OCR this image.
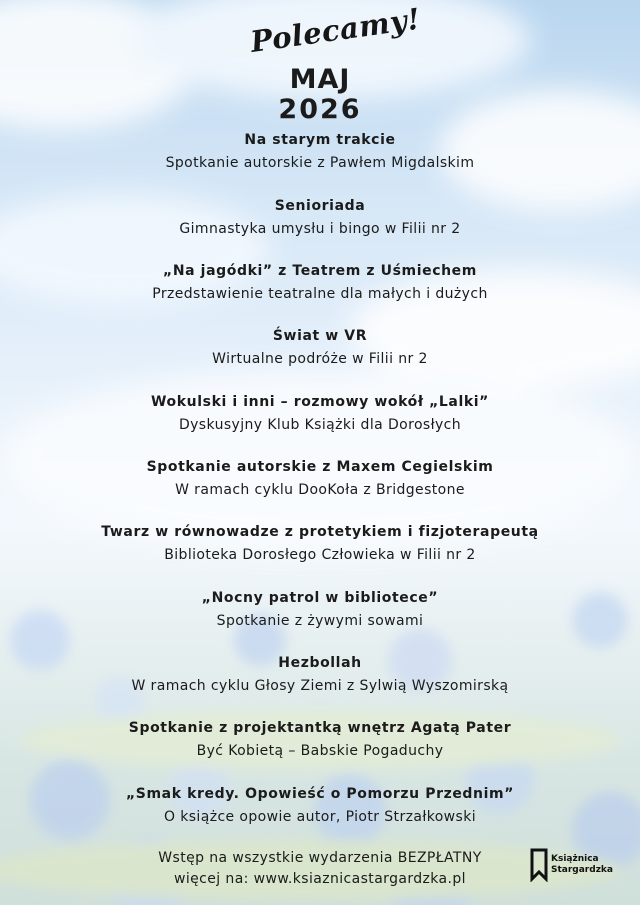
Polecamy!
MAJ
2026
Na starym trakcie
Spotkanie autorskie z Pawłem Migdalskim
Senioriada
Gimnastyka umysłu i bingo w Filii nr 2
„Na jagódki” z Teatrem z Uśmiechem
Przedstawienie teatralne dla małych i dużych
Świat w VR
Wirtualne podróże w Filii nr 2
Wokulski i inni – rozmowy wokół „Lalki”
Dyskusyjny Klub Książki dla Dorosłych
Spotkanie autorskie z Maxem Cegielskim
W ramach cyklu DooKoła z Bridgestone
Twarz w równowadze z protetykiem i fizjoterapeutą
Biblioteka Dorosłego Człowieka w Filii nr 2
„Nocny patrol w bibliotece”
Spotkanie z żywymi sowami
Hezbollah
W ramach cyklu Głosy Ziemi z Sylwią Wyszomirską
Spotkanie z projektantką wnętrz Agatą Pater
Być Kobietą – Babskie Pogaduchy
„Smak kredy. Opowieść o Pomorzu Przednim”
O książce opowie autor, Piotr Strzałkowski
Wstęp na wszystkie wydarzenia BEZPŁATNY
więcej na: www.ksiaznicastargardzka.pl
Książnica
Stargardzka
